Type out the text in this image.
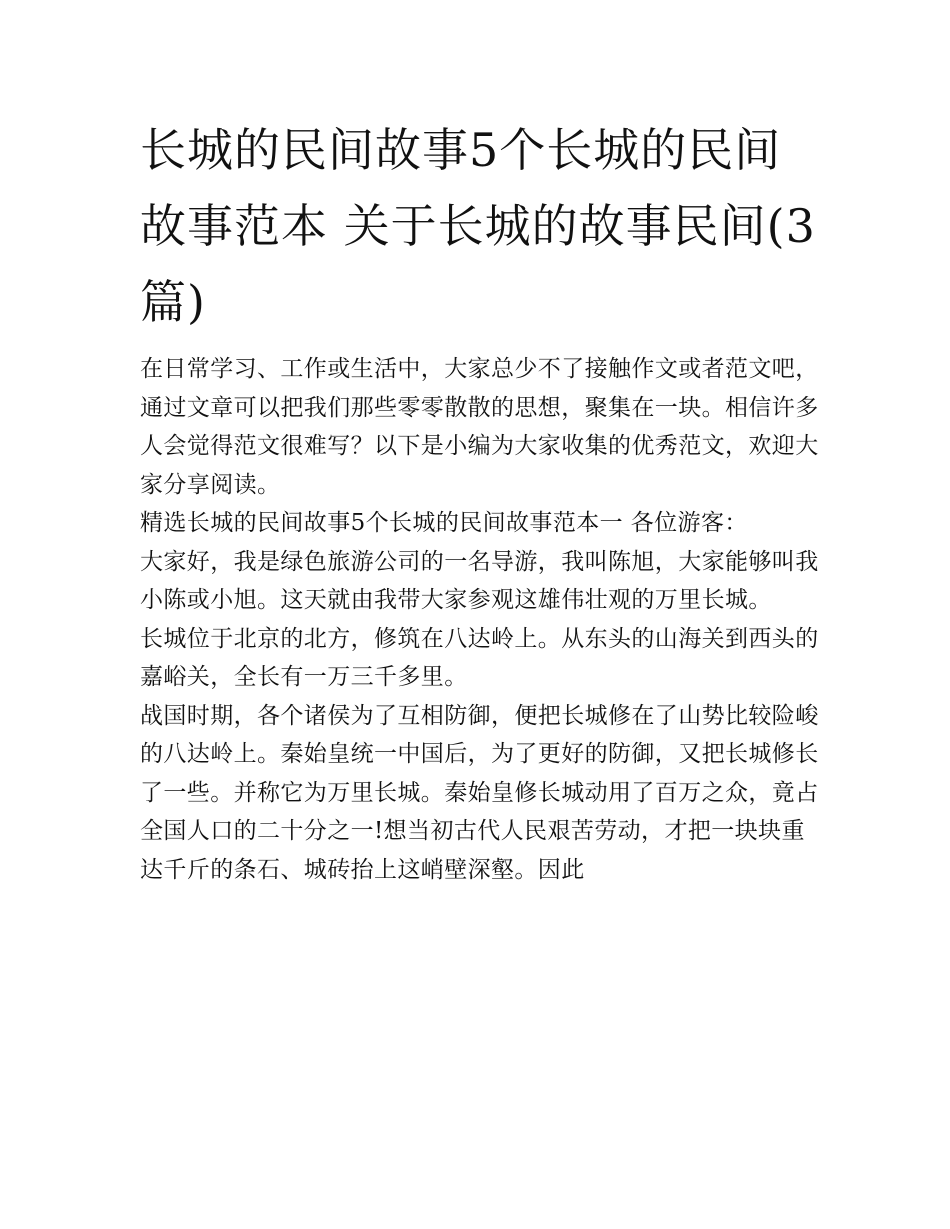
长城的民间故事5个长城的民间故事范本 关于长城的故事民间(3篇)

在日常学习、工作或生活中，大家总少不了接触作文或者范文吧，通过文章可以把我们那些零零散散的思想，聚集在一块。相信许多人会觉得范文很难写？以下是小编为大家收集的优秀范文，欢迎大家分享阅读。

精选长城的民间故事5个长城的民间故事范本一 各位游客：

大家好，我是绿色旅游公司的一名导游，我叫陈旭，大家能够叫我小陈或小旭。这天就由我带大家参观这雄伟壮观的万里长城。

长城位于北京的北方，修筑在八达岭上。从东头的山海关到西头的嘉峪关，全长有一万三千多里。

战国时期，各个诸侯为了互相防御，便把长城修在了山势比较险峻的八达岭上。秦始皇统一中国后，为了更好的防御，又把长城修长了一些。并称它为万里长城。秦始皇修长城动用了百万之众，竟占全国人口的二十分之一!想当初古代人民艰苦劳动，才把一块块重达千斤的条石、城砖抬上这峭壁深壑。因此
